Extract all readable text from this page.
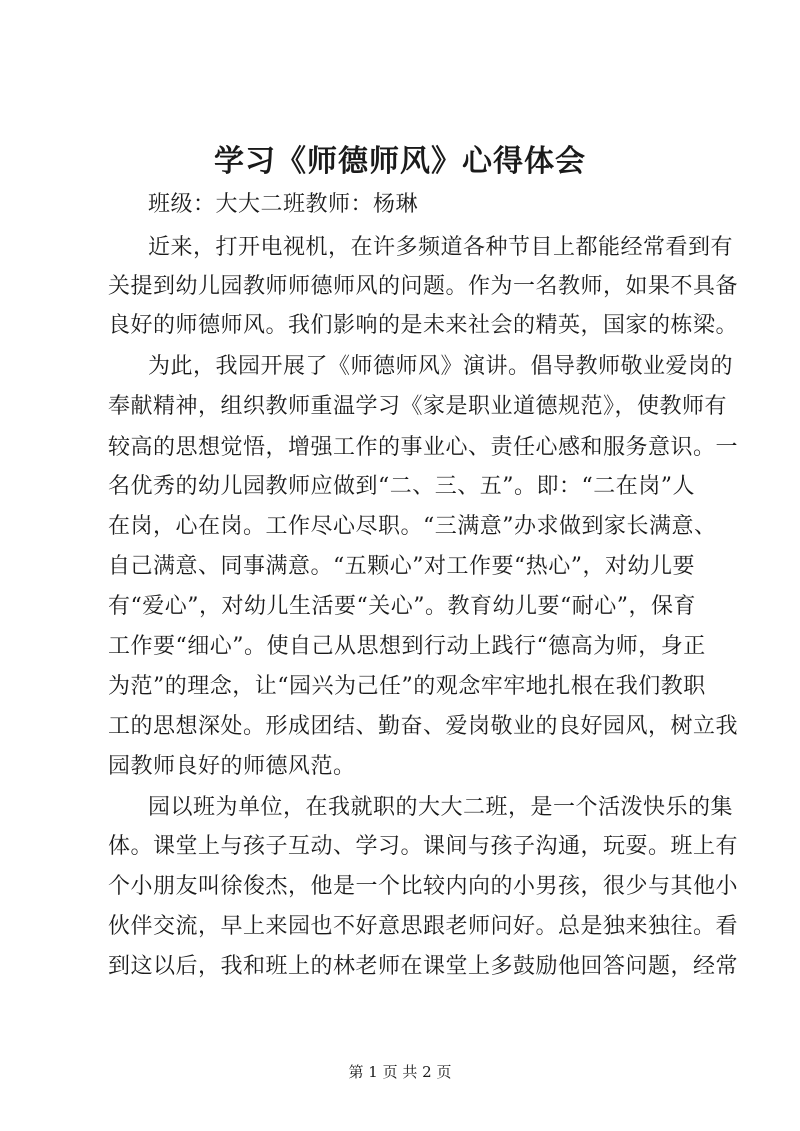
学习《师德师风》心得体会
班级：大大二班教师：杨琳
近来，打开电视机，在许多频道各种节目上都能经常看到有
关提到幼儿园教师师德师风的问题。作为一名教师，如果不具备
良好的师德师风。我们影响的是未来社会的精英，国家的栋梁。
为此，我园开展了《师德师风》演讲。倡导教师敬业爱岗的
奉献精神，组织教师重温学习《家是职业道德规范》，使教师有
较高的思想觉悟，增强工作的事业心、责任心感和服务意识。一
名优秀的幼儿园教师应做到“二、三、五”。即：“二在岗”人
在岗，心在岗。工作尽心尽职。“三满意”办求做到家长满意、
自己满意、同事满意。“五颗心”对工作要“热心”，对幼儿要
有“爱心”，对幼儿生活要“关心”。教育幼儿要“耐心”，保育
工作要“细心”。使自己从思想到行动上践行“德高为师，身正
为范”的理念，让“园兴为己任”的观念牢牢地扎根在我们教职
工的思想深处。形成团结、勤奋、爱岗敬业的良好园风，树立我
园教师良好的师德风范。
园以班为单位，在我就职的大大二班，是一个活泼快乐的集
体。课堂上与孩子互动、学习。课间与孩子沟通，玩耍。班上有
个小朋友叫徐俊杰，他是一个比较内向的小男孩，很少与其他小
伙伴交流，早上来园也不好意思跟老师问好。总是独来独往。看
到这以后，我和班上的林老师在课堂上多鼓励他回答问题，经常
第 1 页 共 2 页
